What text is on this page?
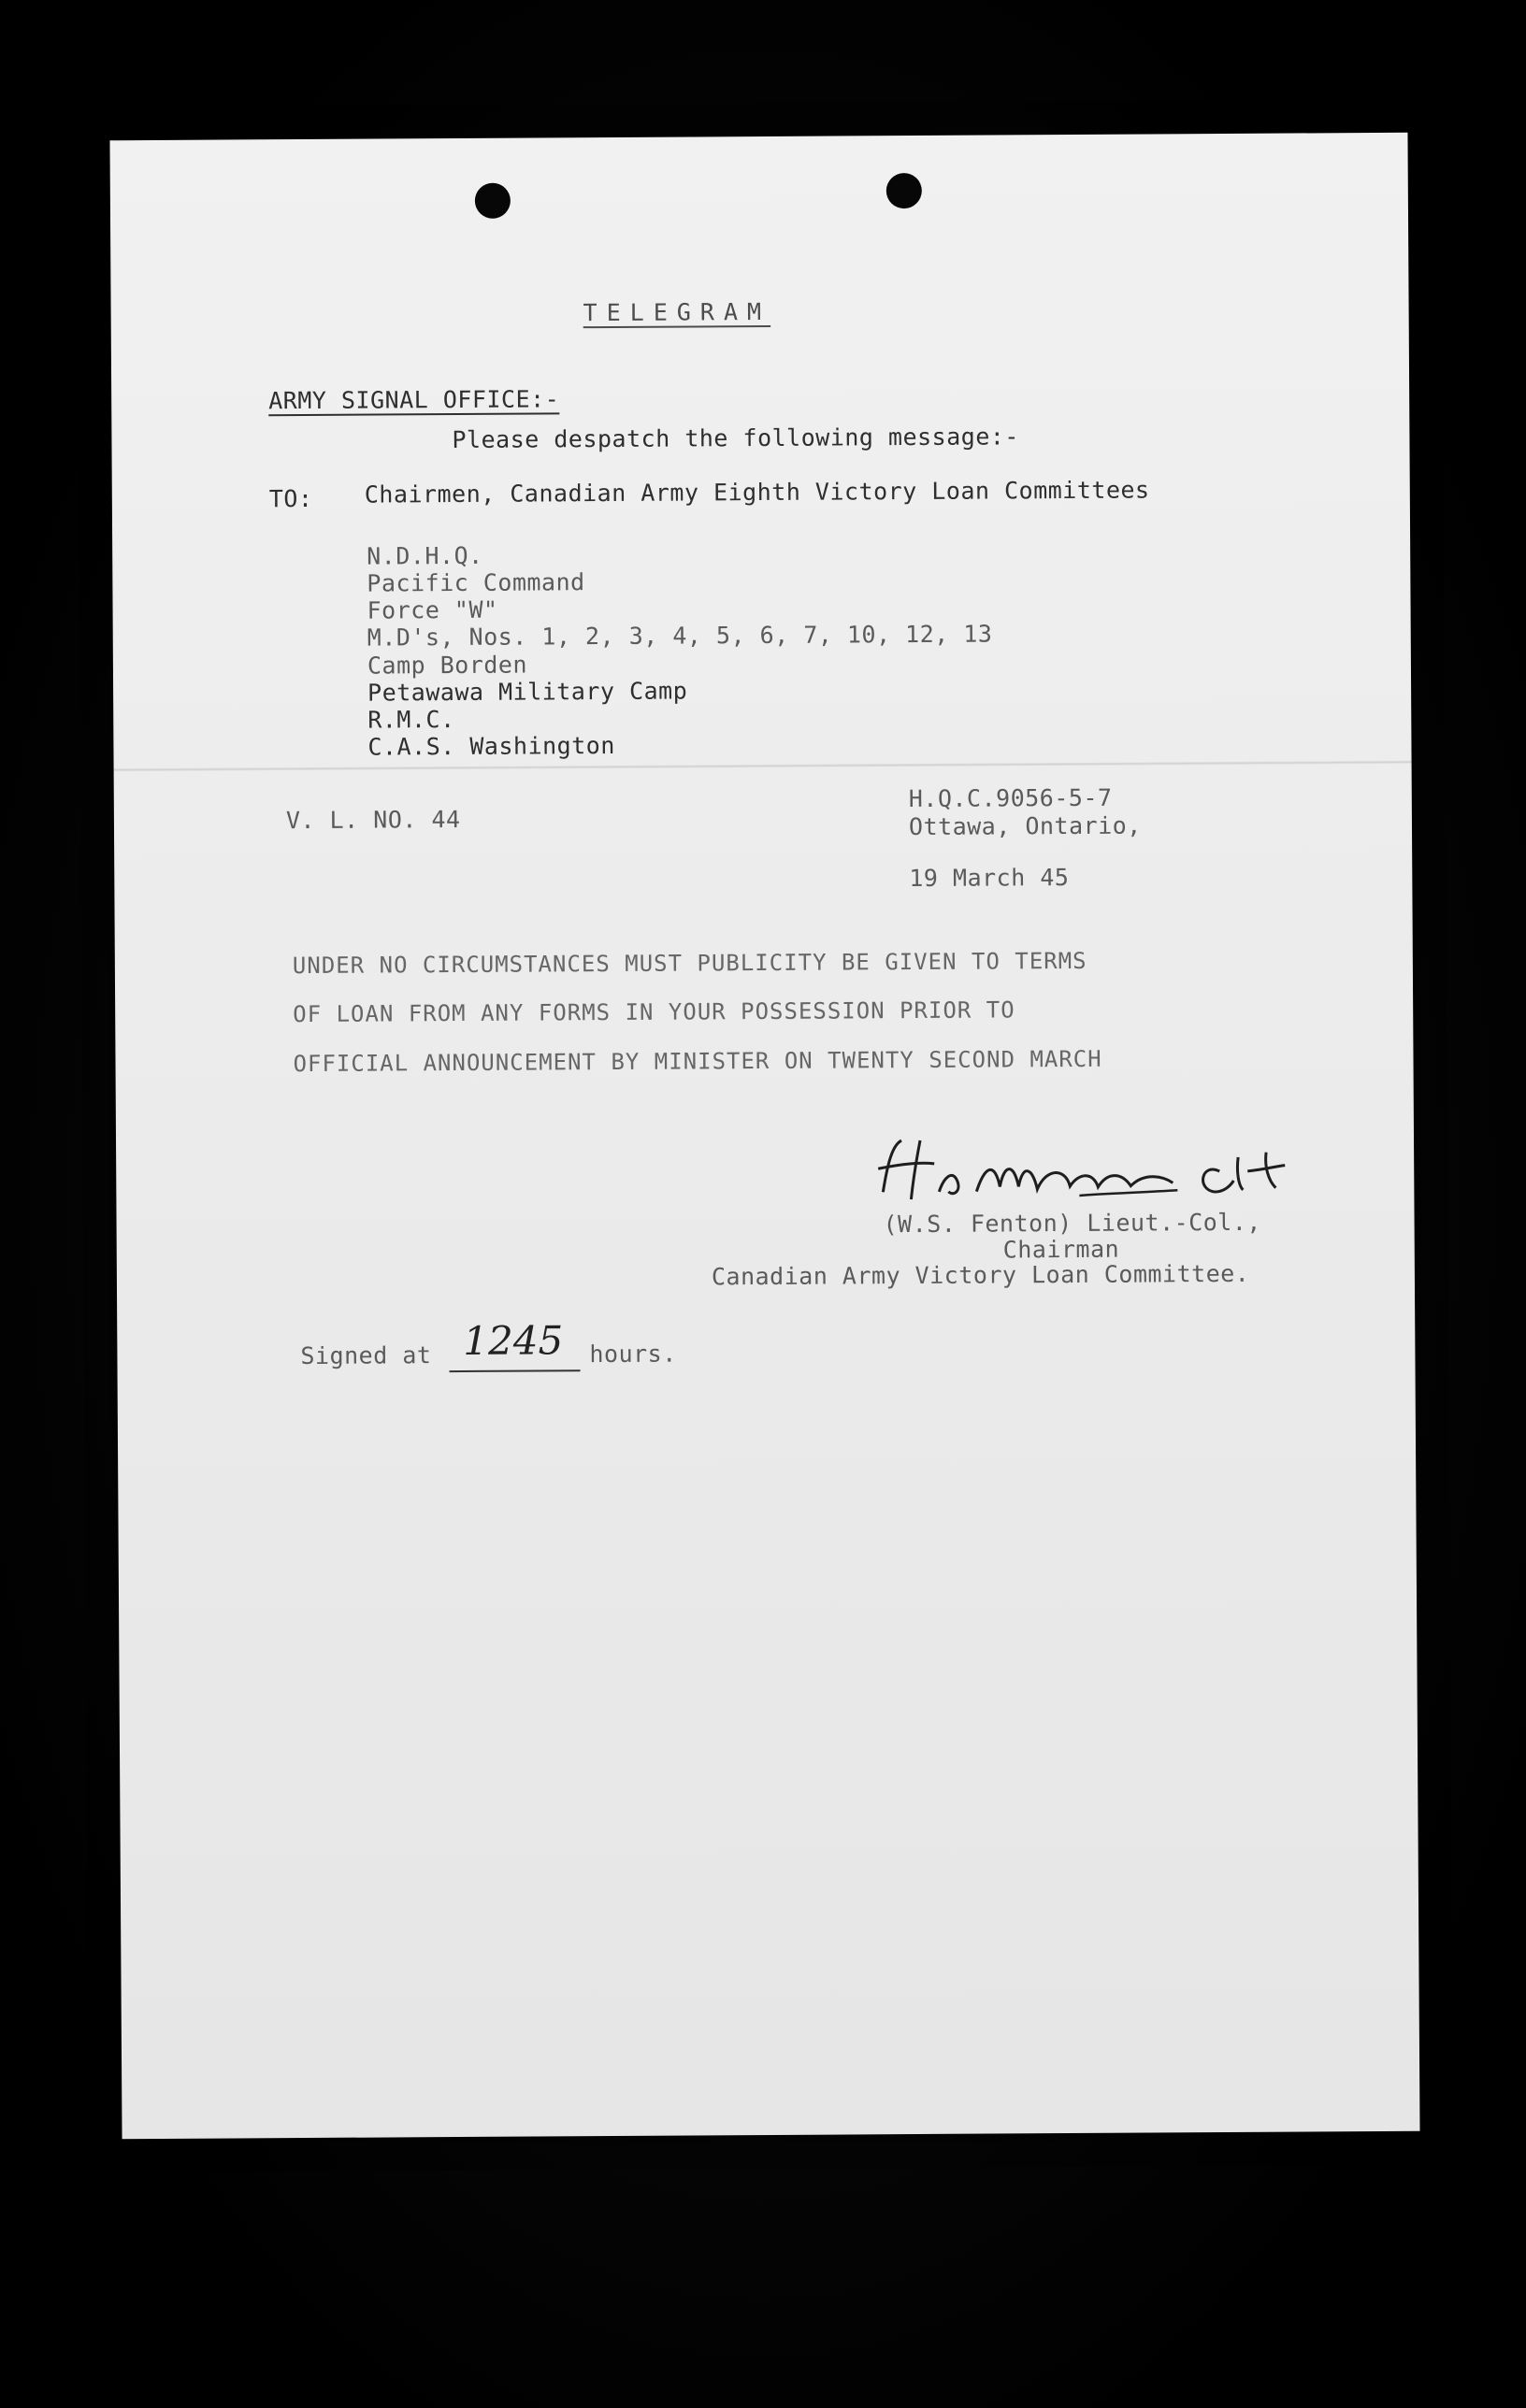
TELEGRAM
ARMY SIGNAL OFFICE:-
Please despatch the following message:-
TO: Chairmen, Canadian Army Eighth Victory Loan Committees
N.D.H.Q.
Pacific Command
Force "W"
M.D's, Nos. 1, 2, 3, 4, 5, 6, 7, 10, 12, 13
Camp Borden
Petawawa Military Camp
R.M.C.
C.A.S. Washington
V. L. NO. 44
H.Q.C.9056-5-7
Ottawa, Ontario,
19 March 45
UNDER NO CIRCUMSTANCES MUST PUBLICITY BE GIVEN TO TERMS
OF LOAN FROM ANY FORMS IN YOUR POSSESSION PRIOR TO
OFFICIAL ANNOUNCEMENT BY MINISTER ON TWENTY SECOND MARCH
(W.S. Fenton) Lieut.-Col.,
Chairman
Canadian Army Victory Loan Committee.
Signed at 1245 hours.
